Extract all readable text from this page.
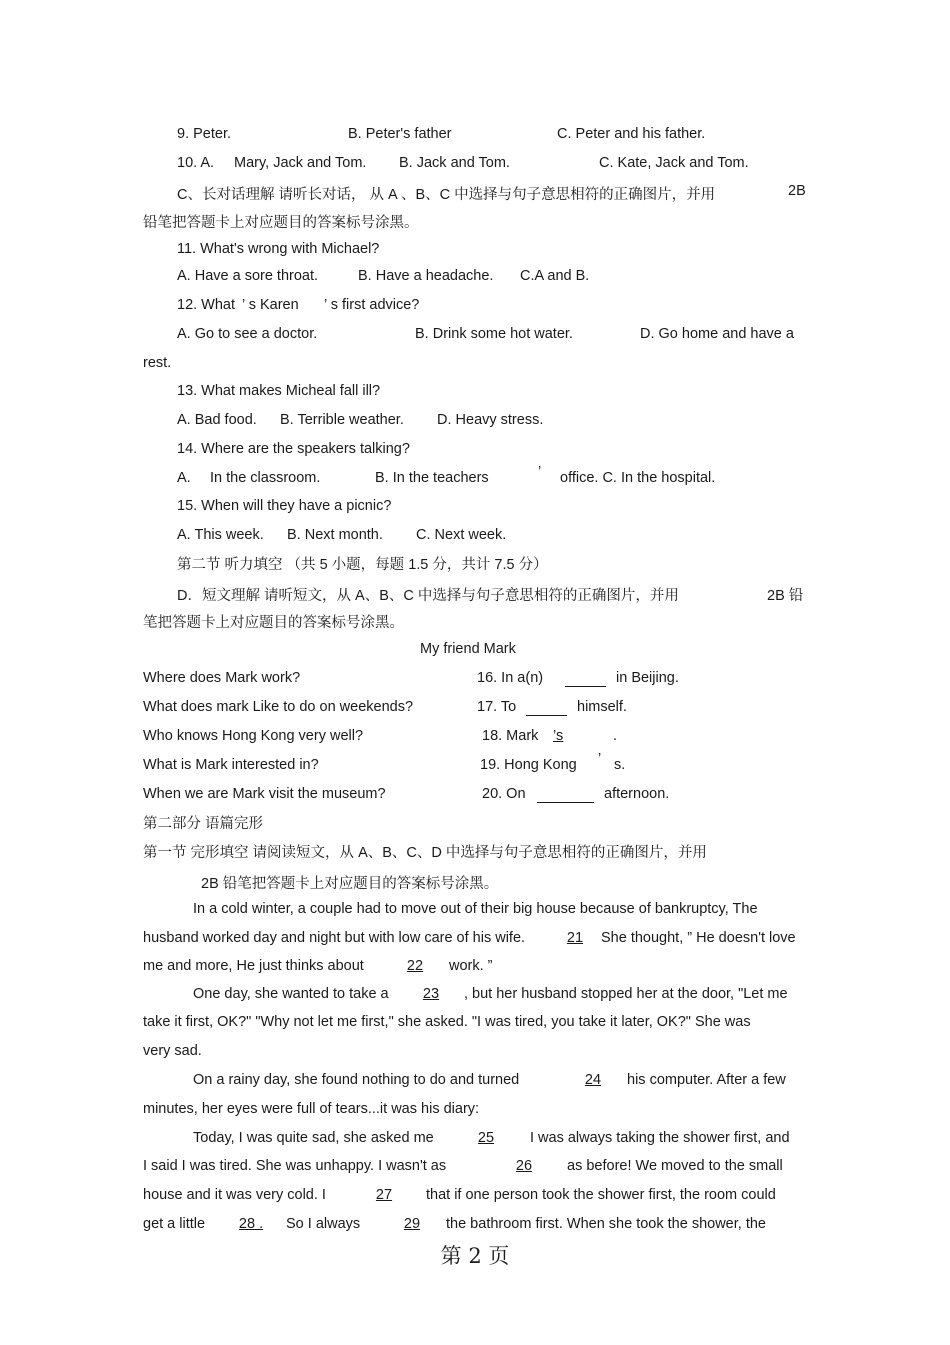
9. Peter.	B. Peter's father	C. Peter and his father.
10. A. Mary, Jack and Tom. B. Jack and Tom.	C. Kate, Jack and Tom.
C、长对话理解 请听长对话， 从 A 、B、C 中选择与句子意思相符的正确图片，并用	2B
铅笔把答题卡上对应题目的答案标号涂黑。
11. What's wrong with Michael?
A. Have a sore throat.	B. Have a headache. C.A and B.
12. What ’ s Karen ’ s first advice?
A. Go to see a doctor.	B. Drink some hot water.	D. Go home and have a
rest.
13. What makes Micheal fall ill?
A. Bad food. B. Terrible weather. D. Heavy stress.
14. Where are the speakers talking?
A. In the classroom.	B. In the teachers	’ office. C. In the hospital.
15. When will they have a picnic?
A. This week. B. Next month. C. Next week.
第二节 听力填空 （共 5 小题，每题 1.5 分，共计 7.5 分）
D．短文理解 请听短文，从 A、B、C 中选择与句子意思相符的正确图片，并用	2B 铅
笔把答题卡上对应题目的答案标号涂黑。
My friend Mark
Where does Mark work?	16. In a(n)	in Beijing.
What does mark Like to do on weekends?	17. To	himself.
Who knows Hong Kong very well?	18. Mark ’s	.
What is Mark interested in?	19. Hong Kong ’ s.
When we are Mark visit the museum?	20. On	afternoon.
第二部分 语篇完形
第一节 完形填空 请阅读短文，从 A、B、C、D 中选择与句子意思相符的正确图片，并用
2B 铅笔把答题卡上对应题目的答案标号涂黑。
In a cold winter, a couple had to move out of their big house because of bankruptcy, The
husband worked day and night but with low care of his wife.	21	She thought, ” He doesn't love
me and more, He just thinks about	22	work. ”
One day, she wanted to take a	23	, but her husband stopped her at the door, "Let me
take it first, OK?" "Why not let me first," she asked. "I was tired, you take it later, OK?" She was
very sad.
On a rainy day, she found nothing to do and turned	24	his computer. After a few
minutes, her eyes were full of tears...it was his diary:
Today, I was quite sad, she asked me	25	I was always taking the shower first, and
I said I was tired. She was unhappy. I wasn't as	26	as before! We moved to the small
house and it was very cold. I	27	that if one person took the shower first, the room could
get a little	28 .	So I always	29	the bathroom first. When she took the shower, the
第 2 页
